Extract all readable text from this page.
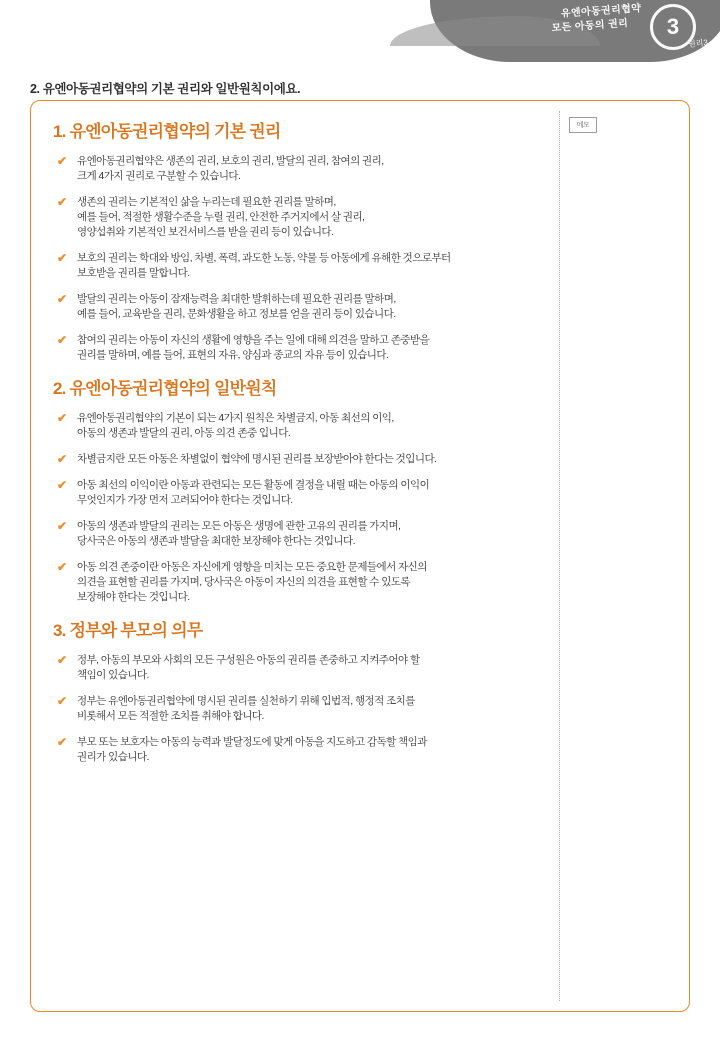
유엔아동권리협약
모든 아동의 권리	3
권리3
2. 유엔아동권리협약의 기본 권리와 일반원칙이에요.
메모
1. 유엔아동권리협약의 기본 권리
✔ 유엔아동권리협약은 생존의 권리, 보호의 권리, 발달의 권리, 참여의 권리,
크게 4가지 권리로 구분할 수 있습니다.
✔ 생존의 권리는 기본적인 삶을 누리는데 필요한 권리를 말하며,
예를 들어, 적절한 생활수준을 누릴 권리, 안전한 주거지에서 살 권리,
영양섭취와 기본적인 보건서비스를 받을 권리 등이 있습니다.
✔ 보호의 권리는 학대와 방임, 차별, 폭력, 과도한 노동, 약물 등 아동에게 유해한 것으로부터
보호받을 권리를 말합니다.
✔ 발달의 권리는 아동이 잠재능력을 최대한 발휘하는데 필요한 권리를 말하며,
예를 들어, 교육받을 권리, 문화생활을 하고 정보를 얻을 권리 등이 있습니다.
✔ 참여의 권리는 아동이 자신의 생활에 영향을 주는 일에 대해 의견을 말하고 존중받을
권리를 말하며, 예를 들어, 표현의 자유, 양심과 종교의 자유 등이 있습니다.
2. 유엔아동권리협약의 일반원칙
✔ 유엔아동권리협약의 기본이 되는 4가지 원칙은 차별금지, 아동 최선의 이익,
아동의 생존과 발달의 권리, 아동 의견 존중 입니다.
✔ 차별금지란 모든 아동은 차별없이 협약에 명시된 권리를 보장받아야 한다는 것입니다.
✔ 아동 최선의 이익이란 아동과 관련되는 모든 활동에 결정을 내릴 때는 아동의 이익이
무엇인지가 가장 먼저 고려되어야 한다는 것입니다.
✔ 아동의 생존과 발달의 권리는 모든 아동은 생명에 관한 고유의 권리를 가지며,
당사국은 아동의 생존과 발달을 최대한 보장해야 한다는 것입니다.
✔ 아동 의견 존중이란 아동은 자신에게 영향을 미치는 모든 중요한 문제들에서 자신의
의견을 표현할 권리를 가지며, 당사국은 아동이 자신의 의견을 표현할 수 있도록
보장해야 한다는 것입니다.
3. 정부와 부모의 의무
✔ 정부, 아동의 부모와 사회의 모든 구성원은 아동의 권리를 존중하고 지켜주어야 할
책임이 있습니다.
✔ 정부는 유엔아동권리협약에 명시된 권리를 실천하기 위해 입법적, 행정적 조치를
비롯해서 모든 적절한 조치를 취해야 합니다.
✔ 부모 또는 보호자는 아동의 능력과 발달정도에 맞게 아동을 지도하고 감독할 책임과
권리가 있습니다.
